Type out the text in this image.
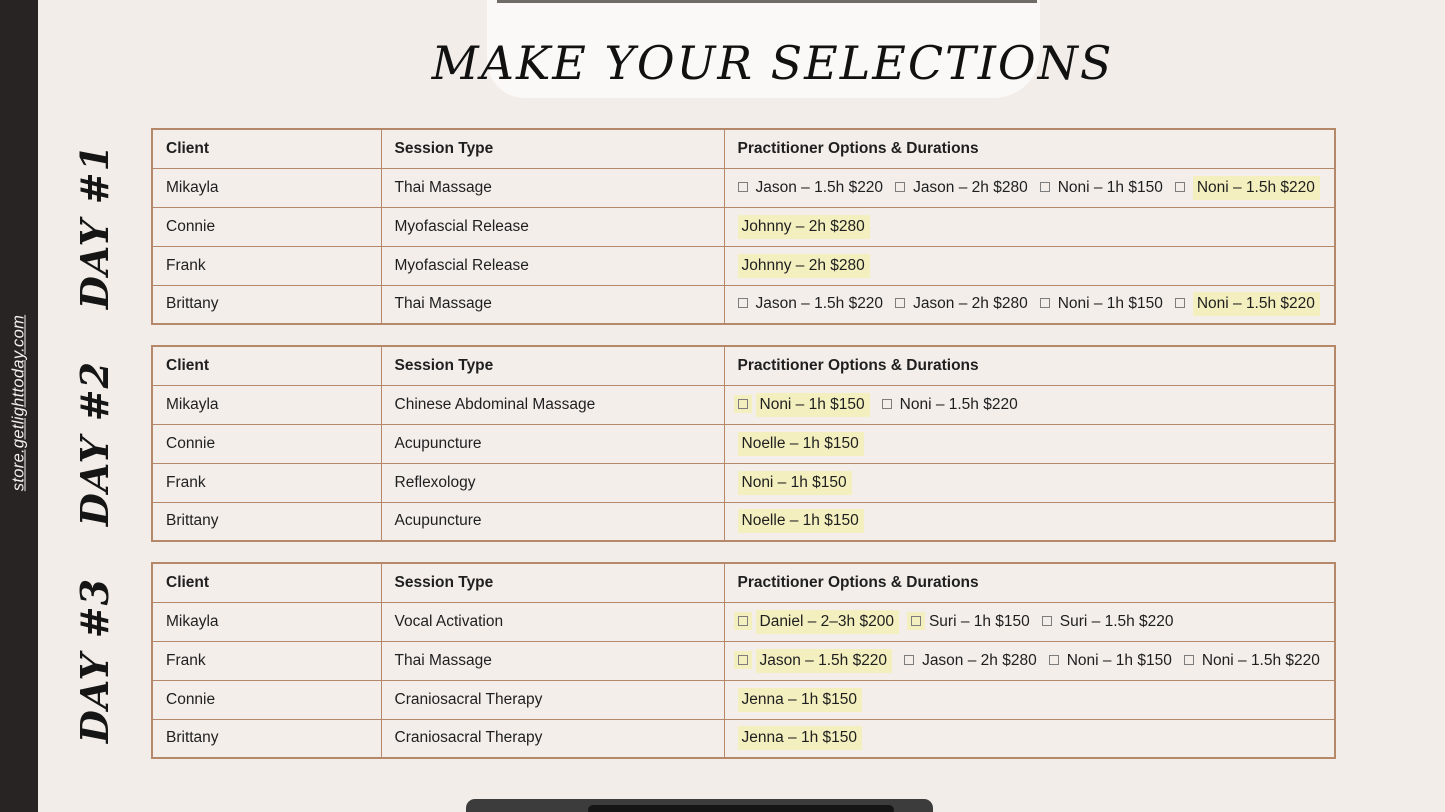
store.getlighttoday.com
MAKE YOUR SELECTIONS
DAY #1	Client	Session Type	Practitioner Options & Durations
Mikayla	Thai Massage	Jason – 1.5h $220 Jason – 2h $280 Noni – 1h $150 Noni – 1.5h $220
Connie	Myofascial Release	Johnny – 2h $280
Frank	Myofascial Release	Johnny – 2h $280
Brittany	Thai Massage	Jason – 1.5h $220 Jason – 2h $280 Noni – 1h $150 Noni – 1.5h $220
DAY #2	Client	Session Type	Practitioner Options & Durations
Mikayla	Chinese Abdominal Massage	Noni – 1h $150 Noni – 1.5h $220
Connie	Acupuncture	Noelle – 1h $150
Frank	Reflexology	Noni – 1h $150
Brittany	Acupuncture	Noelle – 1h $150
DAY #3	Client	Session Type	Practitioner Options & Durations
Mikayla	Vocal Activation	Daniel – 2–3h $200 Suri – 1h $150 Suri – 1.5h $220
Frank	Thai Massage	Jason – 1.5h $220 Jason – 2h $280 Noni – 1h $150 Noni – 1.5h $220
Connie	Craniosacral Therapy	Jenna – 1h $150
Brittany	Craniosacral Therapy	Jenna – 1h $150
